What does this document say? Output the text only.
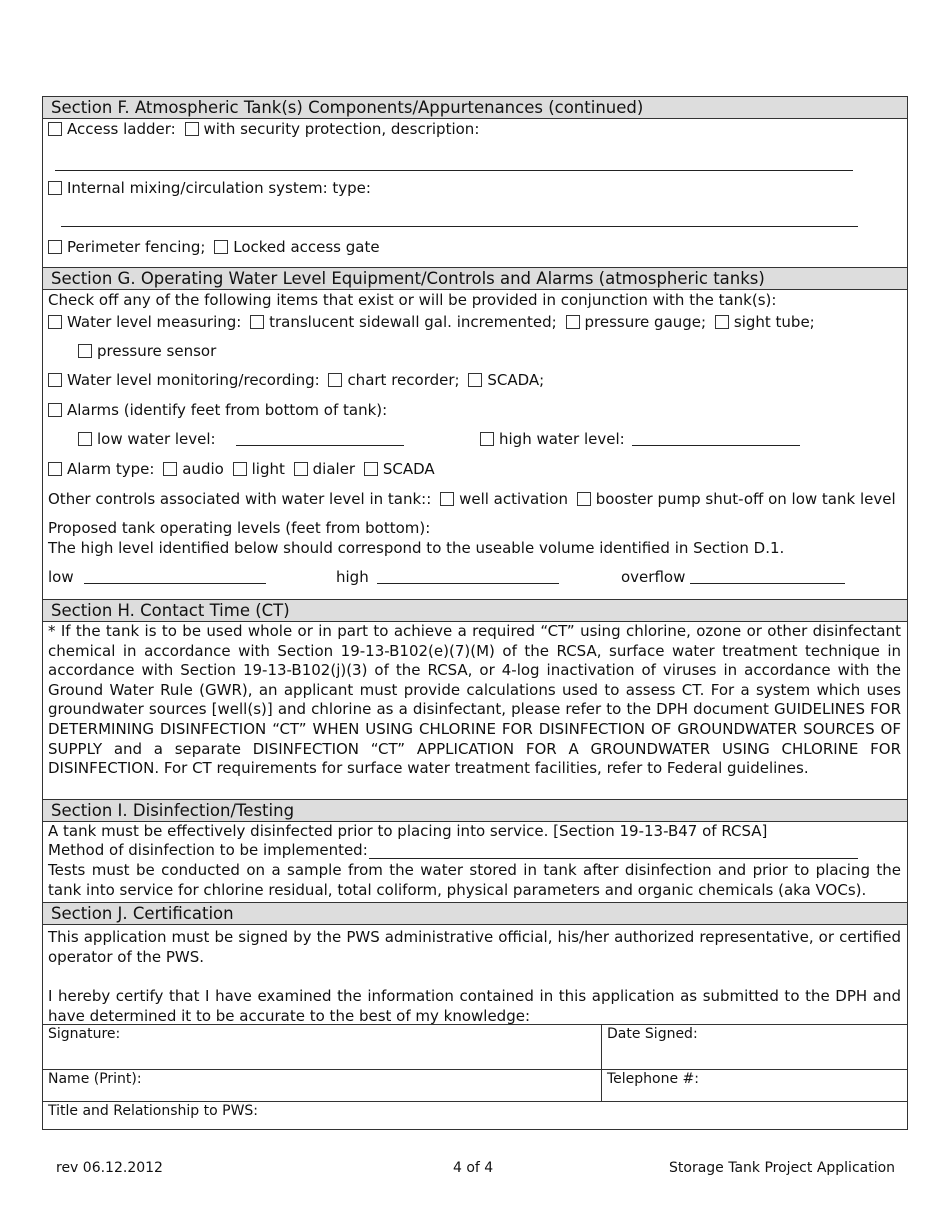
Section F. Atmospheric Tank(s) Components/Appurtenances (continued)
Access ladder: with security protection, description:
Internal mixing/circulation system: type:
Perimeter fencing; Locked access gate
Section G. Operating Water Level Equipment/Controls and Alarms (atmospheric tanks)
Check off any of the following items that exist or will be provided in conjunction with the tank(s):
Water level measuring: translucent sidewall gal. incremented; pressure gauge; sight tube;
pressure sensor
Water level monitoring/recording: chart recorder; SCADA;
Alarms (identify feet from bottom of tank):
low water level:	high water level:
Alarm type: audio light dialer SCADA
Other controls associated with water level in tank:: well activation booster pump shut-off on low tank level
Proposed tank operating levels (feet from bottom):
The high level identified below should correspond to the useable volume identified in Section D.1.
low	high	overflow
Section H. Contact Time (CT)
* If the tank is to be used whole or in part to achieve a required “CT” using chlorine, ozone or other disinfectant chemical in accordance with Section 19-13-B102(e)(7)(M) of the RCSA, surface water treatment technique in accordance with Section 19-13-B102(j)(3) of the RCSA, or 4-log inactivation of viruses in accordance with the Ground Water Rule (GWR), an applicant must provide calculations used to assess CT. For a system which uses groundwater sources [well(s)] and chlorine as a disinfectant, please refer to the DPH document GUIDELINES FOR DETERMINING DISINFECTION “CT” WHEN USING CHLORINE FOR DISINFECTION OF GROUNDWATER SOURCES OF SUPPLY and a separate DISINFECTION “CT” APPLICATION FOR A GROUNDWATER USING CHLORINE FOR DISINFECTION. For CT requirements for surface water treatment facilities, refer to Federal guidelines.
Section I. Disinfection/Testing
A tank must be effectively disinfected prior to placing into service. [Section 19-13-B47 of RCSA]
Method of disinfection to be implemented:
Tests must be conducted on a sample from the water stored in tank after disinfection and prior to placing the tank into service for chlorine residual, total coliform, physical parameters and organic chemicals (aka VOCs).
Section J. Certification
This application must be signed by the PWS administrative official, his/her authorized representative, or certified operator of the PWS.
I hereby certify that I have examined the information contained in this application as submitted to the DPH and have determined it to be accurate to the best of my knowledge:
Signature:	Date Signed:
Name (Print):	Telephone #:
Title and Relationship to PWS:
rev 06.12.2012	4 of 4	Storage Tank Project Application
